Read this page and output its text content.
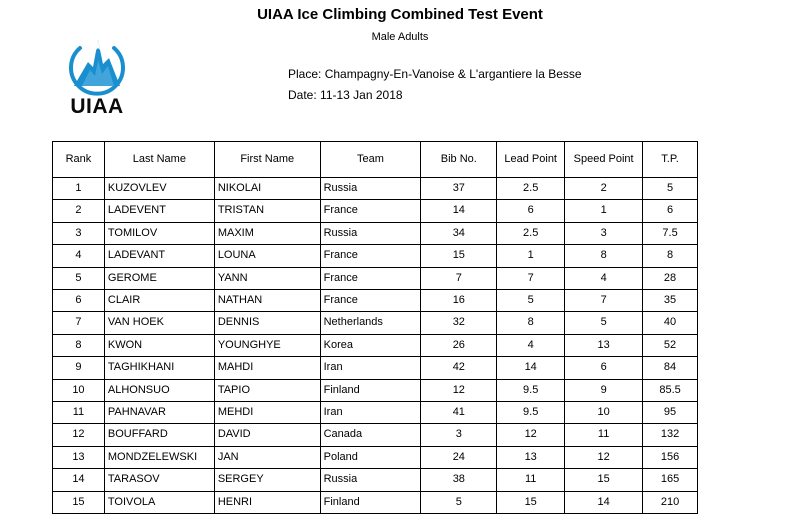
UIAA Ice Climbing Combined Test Event
Male Adults
UIAA
Place: Champagny-En-Vanoise & L'argantiere la Besse
Date: 11-13 Jan 2018
Rank	Last Name	First Name	Team	Bib No.	Lead Point	Speed Point	T.P.
1	KUZOVLEV	NIKOLAI	Russia	37	2.5	2	5
2	LADEVENT	TRISTAN	France	14	6	1	6
3	TOMILOV	MAXIM	Russia	34	2.5	3	7.5
4	LADEVANT	LOUNA	France	15	1	8	8
5	GEROME	YANN	France	7	7	4	28
6	CLAIR	NATHAN	France	16	5	7	35
7	VAN HOEK	DENNIS	Netherlands	32	8	5	40
8	KWON	YOUNGHYE	Korea	26	4	13	52
9	TAGHIKHANI	MAHDI	Iran	42	14	6	84
10	ALHONSUO	TAPIO	Finland	12	9.5	9	85.5
11	PAHNAVAR	MEHDI	Iran	41	9.5	10	95
12	BOUFFARD	DAVID	Canada	3	12	11	132
13	MONDZELEWSKI	JAN	Poland	24	13	12	156
14	TARASOV	SERGEY	Russia	38	11	15	165
15	TOIVOLA	HENRI	Finland	5	15	14	210
